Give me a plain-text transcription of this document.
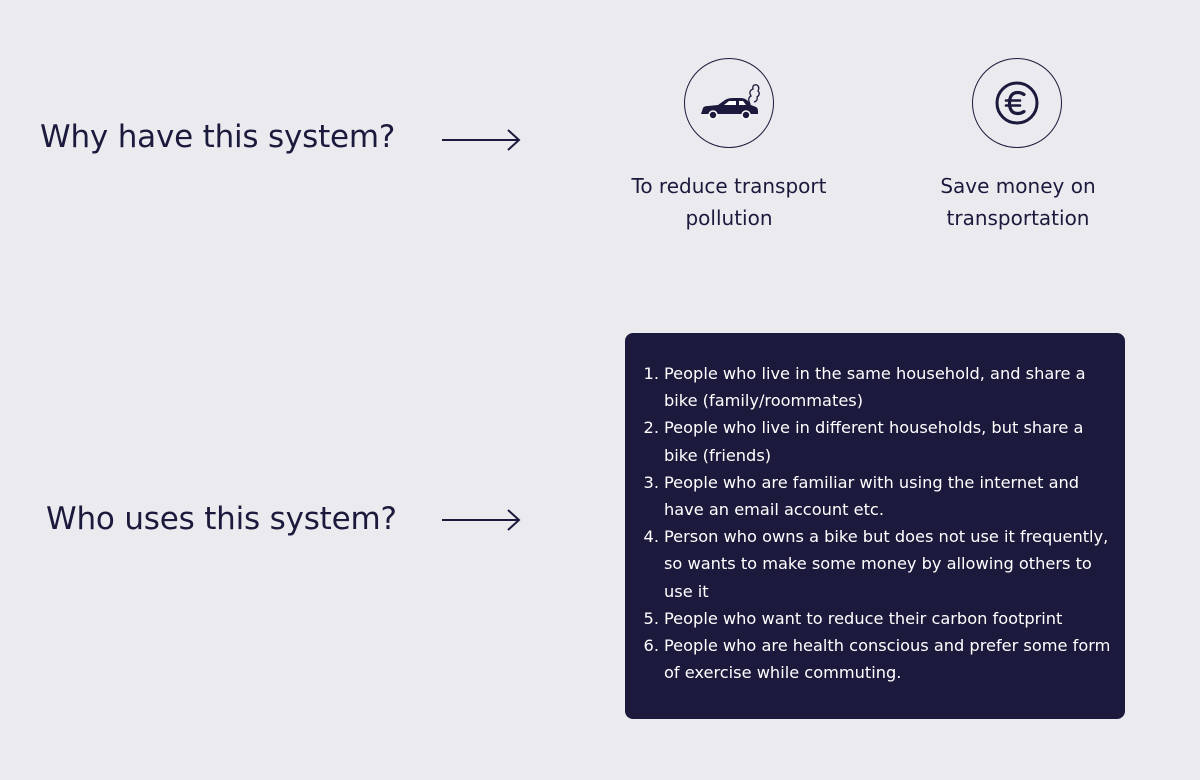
Why have this system?
To reduce transport pollution
Save money on transportation
Who uses this system?
1. People who live in the same household, and share a bike (family/roommates)
2. People who live in different households, but share a bike (friends)
3. People who are familiar with using the internet and have an email account etc.
4. Person who owns a bike but does not use it frequently, so wants to make some money by allowing others to use it
5. People who want to reduce their carbon footprint
6. People who are health conscious and prefer some form of exercise while commuting.
